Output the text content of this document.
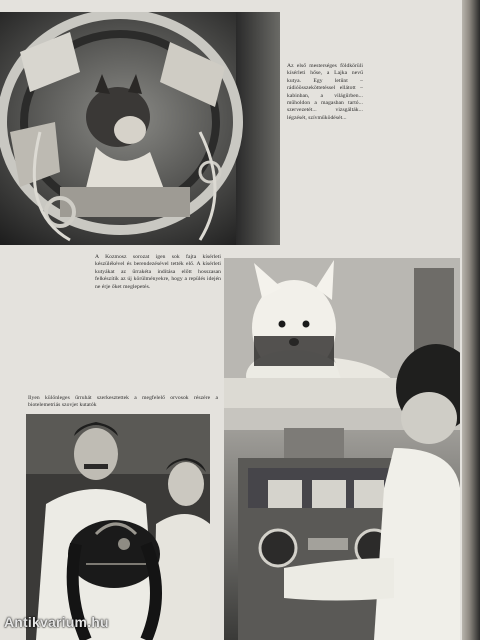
Az első mesterséges földkörüli kísérleti hőse, a Lajka nevű kutya. Egy letűnt – rádióösszeköttetéssel ellátott – kabinban, a világűrben... műholdon a magasban tartó... szervezetét... vizsgálták... légzését, szívműködését...

A Kozmosz sorozat igen sok fajta kísérleti készülékével és berendezésével tették elő. A kísérleti kutyákat az űrrakéta indítása előtt hosszasan felkészítik az új körülményekre, hogy a repülés idején ne érje őket meglepetés.

Ilyen különleges űrruhát szerkesztettek a megfelelő orvosok részére a biotelemetriás szovjet kutatók

Antikvarium.hu
